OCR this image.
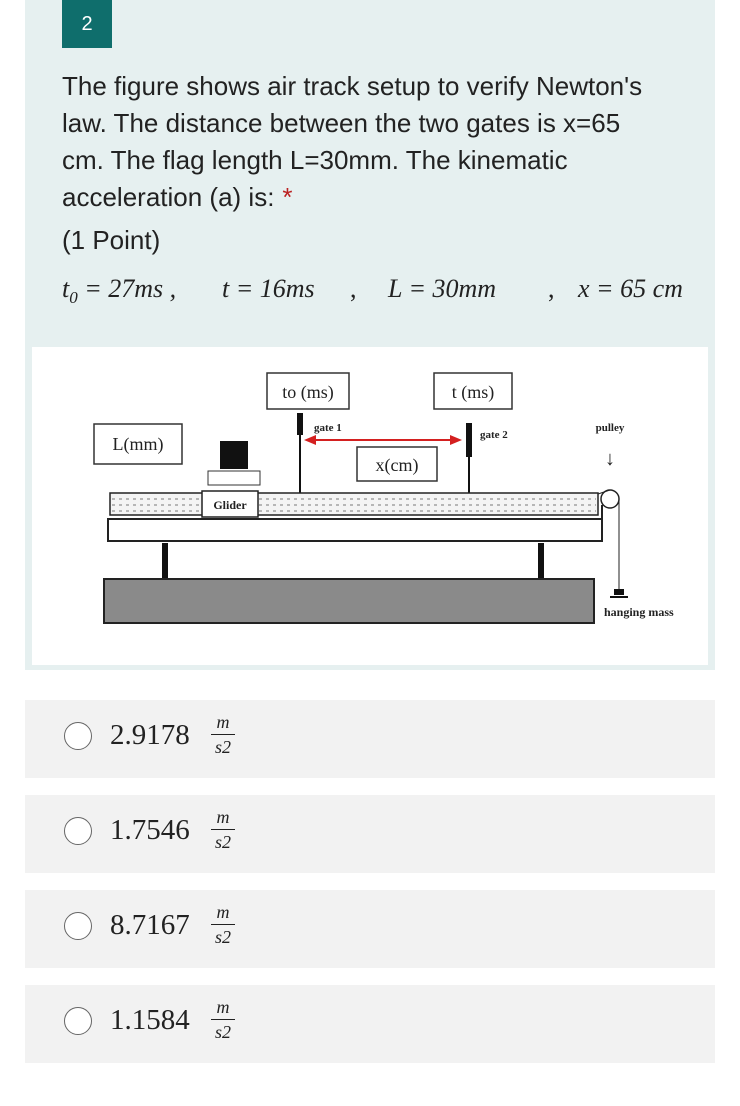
2
The figure shows air track setup to verify Newton's law. The distance between the two gates is x=65 cm. The flag length L=30mm. The kinematic acceleration (a) is: *
(1 Point)
$t_0 = 27ms$ , t = 16ms , L = 30mm , x = 65 cm
to (ms)	t (ms)
L(mm)
x(cm)
gate 1
gate 2
pulley
↓
Glider
hanging mass
2.9178	m
s2
1.7546	m
s2
8.7167	m
s2
1.1584	m
s2
